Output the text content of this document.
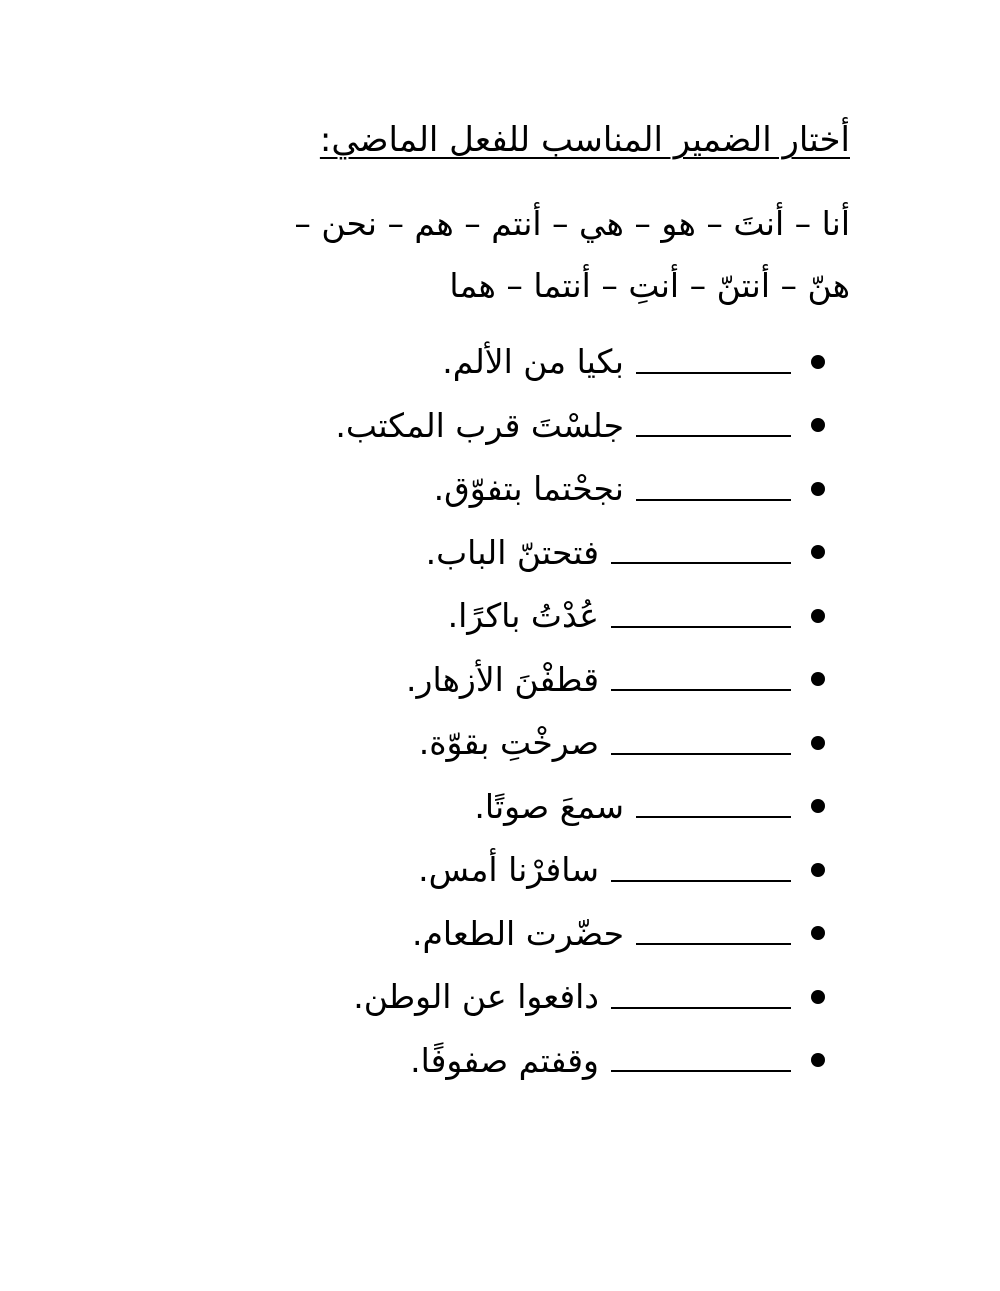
أختار الضمير المناسب للفعل الماضي:
أنا – أنتَ – هو – هي – أنتم – هم – نحن –
هنّ – أنتنّ – أنتِ – أنتما – هما
بكيا من الألم.
جلسْتَ قرب المكتب.
نجحْتما بتفوّق.
فتحتنّ الباب.
عُدْتُ باكرًا.
قطفْنَ الأزهار.
صرخْتِ بقوّة.
سمعَ صوتًا.
سافرْنا أمس.
حضّرت الطعام.
دافعوا عن الوطن.
وقفتم صفوفًا.
